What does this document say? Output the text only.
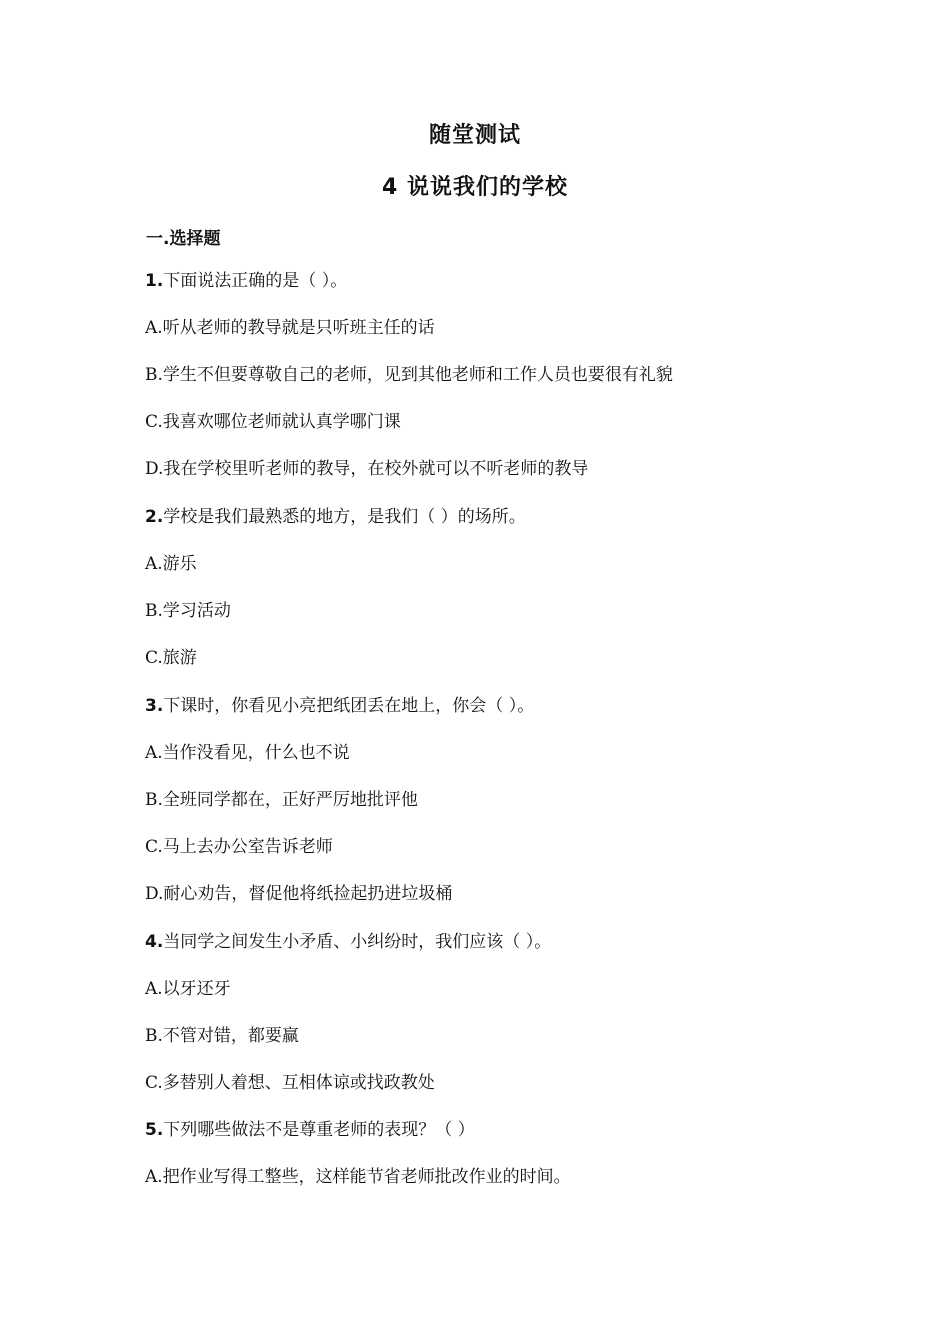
随堂测试
4 说说我们的学校
一.选择题
1.下面说法正确的是（ ）。
A.听从老师的教导就是只听班主任的话
B.学生不但要尊敬自己的老师，见到其他老师和工作人员也要很有礼貌
C.我喜欢哪位老师就认真学哪门课
D.我在学校里听老师的教导，在校外就可以不听老师的教导
2.学校是我们最熟悉的地方，是我们（ ）的场所。
A.游乐
B.学习活动
C.旅游
3.下课时，你看见小亮把纸团丢在地上，你会（ ）。
A.当作没看见，什么也不说
B.全班同学都在，正好严厉地批评他
C.马上去办公室告诉老师
D.耐心劝告，督促他将纸捡起扔进垃圾桶
4.当同学之间发生小矛盾、小纠纷时，我们应该（ ）。
A.以牙还牙
B.不管对错，都要赢
C.多替别人着想、互相体谅或找政教处
5.下列哪些做法不是尊重老师的表现？（ ）
A.把作业写得工整些，这样能节省老师批改作业的时间。
